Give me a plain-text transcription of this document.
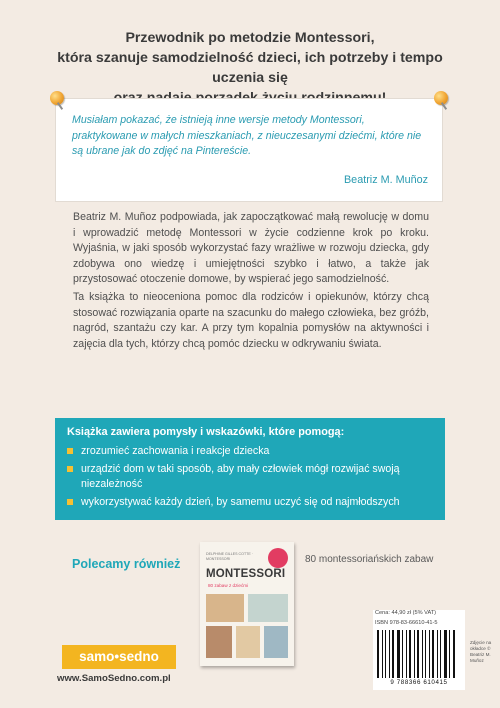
Przewodnik po metodzie Montessori,
która szanuje samodzielność dzieci, ich potrzeby i tempo uczenia się
Musiałam pokazać, że istnieją inne wersje metody Montessori, praktykowane w małych mieszkaniach, z nieuczesanymi dziećmi, które nie są ubrane jak do zdjęć na Pintereście.
Beatriz M. Muñoz
Beatriz M. Muñoz podpowiada, jak zapoczątkować małą rewolucję w domu i wprowadzić metodę Montessori w życie codzienne krok po kroku. Wyjaśnia, w jaki sposób wykorzystać fazy wrażliwe w rozwoju dziecka, gdy zdobywa ono wiedzę i umiejętności szybko i łatwo, a także jak przystosować otoczenie domowe, by wspierać jego samodzielność.
Ta książka to nieoceniona pomoc dla rodziców i opiekunów, którzy chcą stosować rozwiązania oparte na szacunku do małego człowieka, bez gróźb, nagród, szantażu czy kar. A przy tym kopalnia pomysłów na aktywności i zajęcia dla tych, którzy chcą pomóc dziecku w odkrywaniu świata.
Książka zawiera pomysły i wskazówki, które pomogą:
zrozumieć zachowania i reakcje dziecka
urządzić dom w taki sposób, aby mały człowiek mógł rozwijać swoją niezależność
wykorzystywać każdy dzień, by samemu uczyć się od najmłodszych
Polecamy również	80 montessoriańskich zabaw
DELPHINE GILLES COTTE · MONTESSORI
MONTESSORI
80 zabaw z dziećmi
samo•sedno
www.SamoSedno.com.pl
Cena: 44,90 zł (5% VAT)
ISBN 978-83-66610-41-5
9 788366 610415
Zdjęcie na okładce © Beatriz M. Muñoz
